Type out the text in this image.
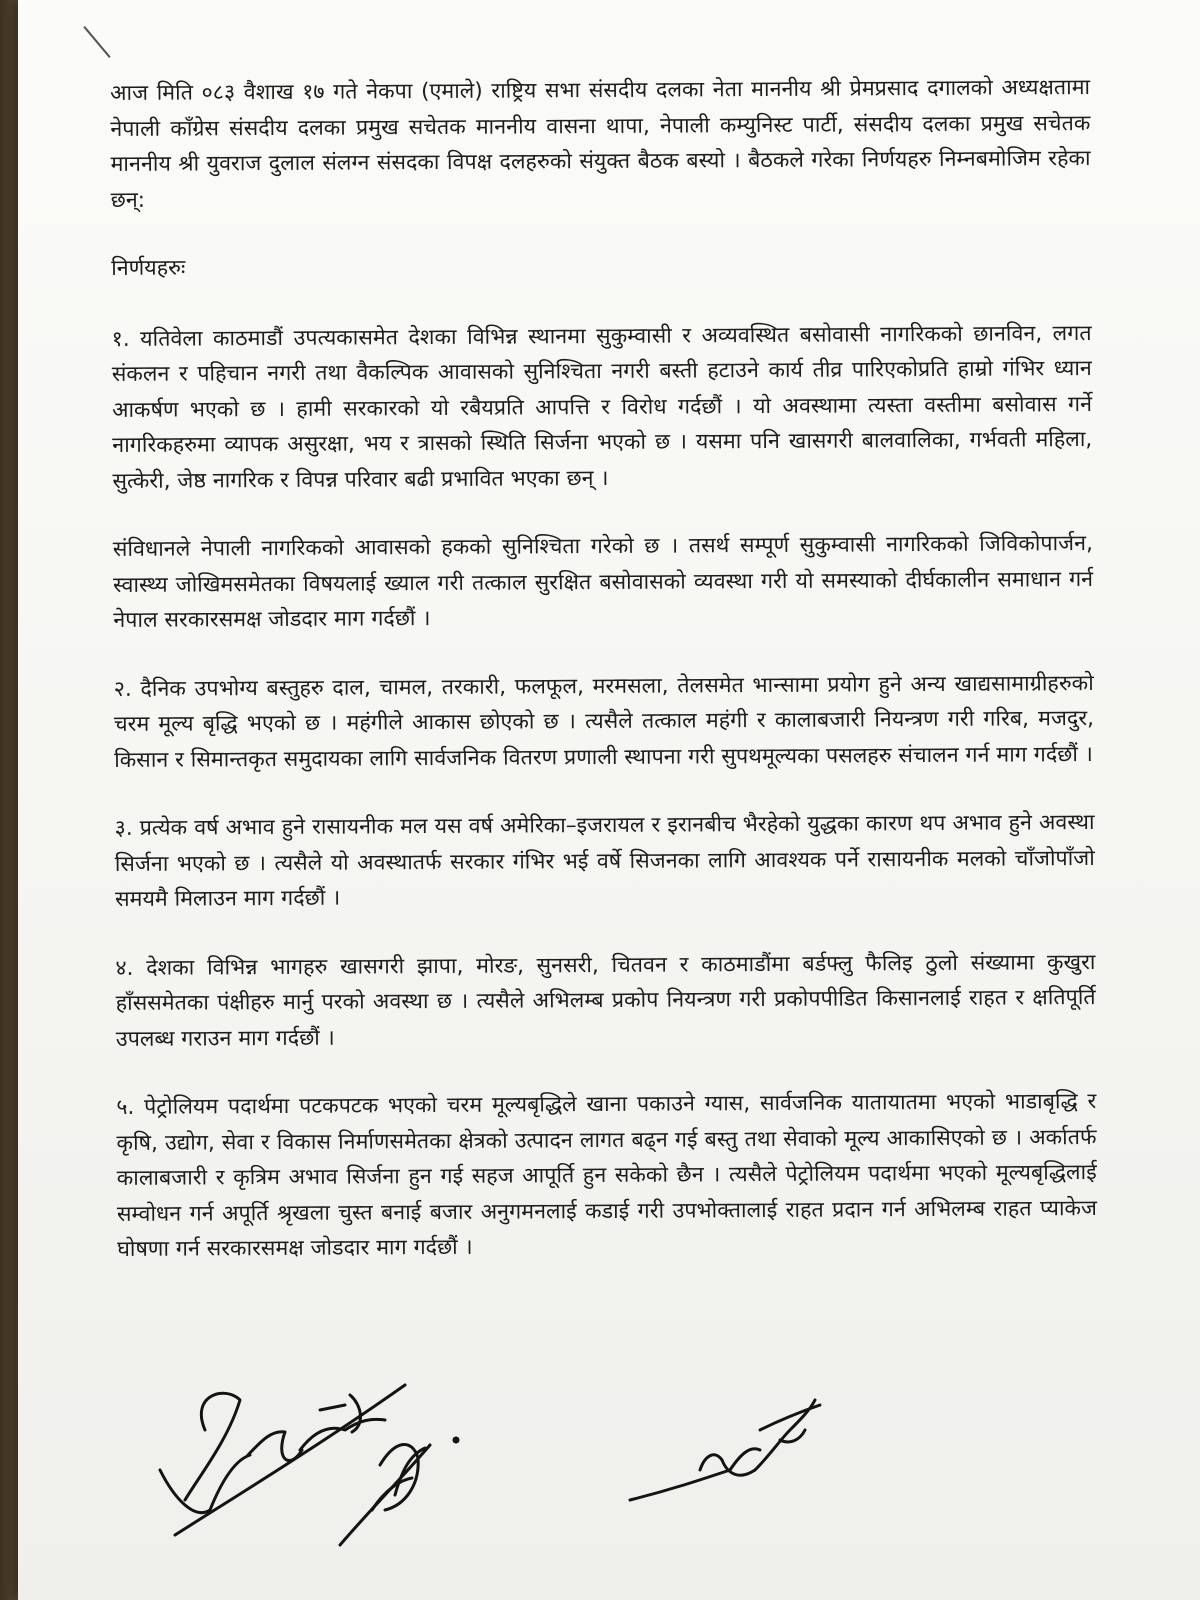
आज मिति ०८३ वैशाख १७ गते नेकपा (एमाले) राष्ट्रिय सभा संसदीय दलका नेता माननीय श्री प्रेमप्रसाद दगालको अध्यक्षतामा नेपाली काँग्रेस संसदीय दलका प्रमुख सचेतक माननीय वासना थापा, नेपाली कम्युनिस्ट पार्टी, संसदीय दलका प्रमुख सचेतक माननीय श्री युवराज दुलाल संलग्न संसदका विपक्ष दलहरुको संयुक्त बैठक बस्यो । बैठकले गरेका निर्णयहरु निम्नबमोजिम रहेका छन्:

निर्णयहरुः

१. यतिवेला काठमाडौं उपत्यकासमेत देशका विभिन्न स्थानमा सुकुम्वासी र अव्यवस्थित बसोवासी नागरिकको छानविन, लगत संकलन र पहिचान नगरी तथा वैकल्पिक आवासको सुनिश्चिता नगरी बस्ती हटाउने कार्य तीव्र पारिएकोप्रति हाम्रो गंभिर ध्यान आकर्षण भएको छ । हामी सरकारको यो रबैयप्रति आपत्ति र विरोध गर्दछौं । यो अवस्थामा त्यस्ता वस्तीमा बसोवास गर्ने नागरिकहरुमा व्यापक असुरक्षा, भय र त्रासको स्थिति सिर्जना भएको छ । यसमा पनि खासगरी बालवालिका, गर्भवती महिला, सुत्केरी, जेष्ठ नागरिक र विपन्न परिवार बढी प्रभावित भएका छन् ।

संविधानले नेपाली नागरिकको आवासको हकको सुनिश्चिता गरेको छ । तसर्थ सम्पूर्ण सुकुम्वासी नागरिकको जिविकोपार्जन, स्वास्थ्य जोखिमसमेतका विषयलाई ख्याल गरी तत्काल सुरक्षित बसोवासको व्यवस्था गरी यो समस्याको दीर्घकालीन समाधान गर्न नेपाल सरकारसमक्ष जोडदार माग गर्दछौं ।

२. दैनिक उपभोग्य बस्तुहरु दाल, चामल, तरकारी, फलफूल, मरमसला, तेलसमेत भान्सामा प्रयोग हुने अन्य खाद्यसामाग्रीहरुको चरम मूल्य बृद्धि भएको छ । महंगीले आकास छोएको छ । त्यसैले तत्काल महंगी र कालाबजारी नियन्त्रण गरी गरिब, मजदुर, किसान र सिमान्तकृत समुदायका लागि सार्वजनिक वितरण प्रणाली स्थापना गरी सुपथमूल्यका पसलहरु संचालन गर्न माग गर्दछौं ।

३. प्रत्येक वर्ष अभाव हुने रासायनीक मल यस वर्ष अमेरिका–इजरायल र इरानबीच भैरहेको युद्धका कारण थप अभाव हुने अवस्था सिर्जना भएको छ । त्यसैले यो अवस्थातर्फ सरकार गंभिर भई वर्षे सिजनका लागि आवश्यक पर्ने रासायनीक मलको चाँजोपाँजो समयमै मिलाउन माग गर्दछौं ।

४. देशका विभिन्न भागहरु खासगरी झापा, मोरङ, सुनसरी, चितवन र काठमाडौंमा बर्डफ्लु फैलिइ ठुलो संख्यामा कुखुरा हाँससमेतका पंक्षीहरु मार्नु परको अवस्था छ । त्यसैले अभिलम्ब प्रकोप नियन्त्रण गरी प्रकोपपीडित किसानलाई राहत र क्षतिपूर्ति उपलब्ध गराउन माग गर्दछौं ।

५. पेट्रोलियम पदार्थमा पटकपटक भएको चरम मूल्यबृद्धिले खाना पकाउने ग्यास, सार्वजनिक यातायातमा भएको भाडाबृद्धि र कृषि, उद्योग, सेवा र विकास निर्माणसमेतका क्षेत्रको उत्पादन लागत बढ्न गई बस्तु तथा सेवाको मूल्य आकासिएको छ । अर्कातर्फ कालाबजारी र कृत्रिम अभाव सिर्जना हुन गई सहज आपूर्ति हुन सकेको छैन । त्यसैले पेट्रोलियम पदार्थमा भएको मूल्यबृद्धिलाई सम्वोधन गर्न अपूर्ति श्रृखला चुस्त बनाई बजार अनुगमनलाई कडाई गरी उपभोक्तालाई राहत प्रदान गर्न अभिलम्ब राहत प्याकेज घोषणा गर्न सरकारसमक्ष जोडदार माग गर्दछौं ।
